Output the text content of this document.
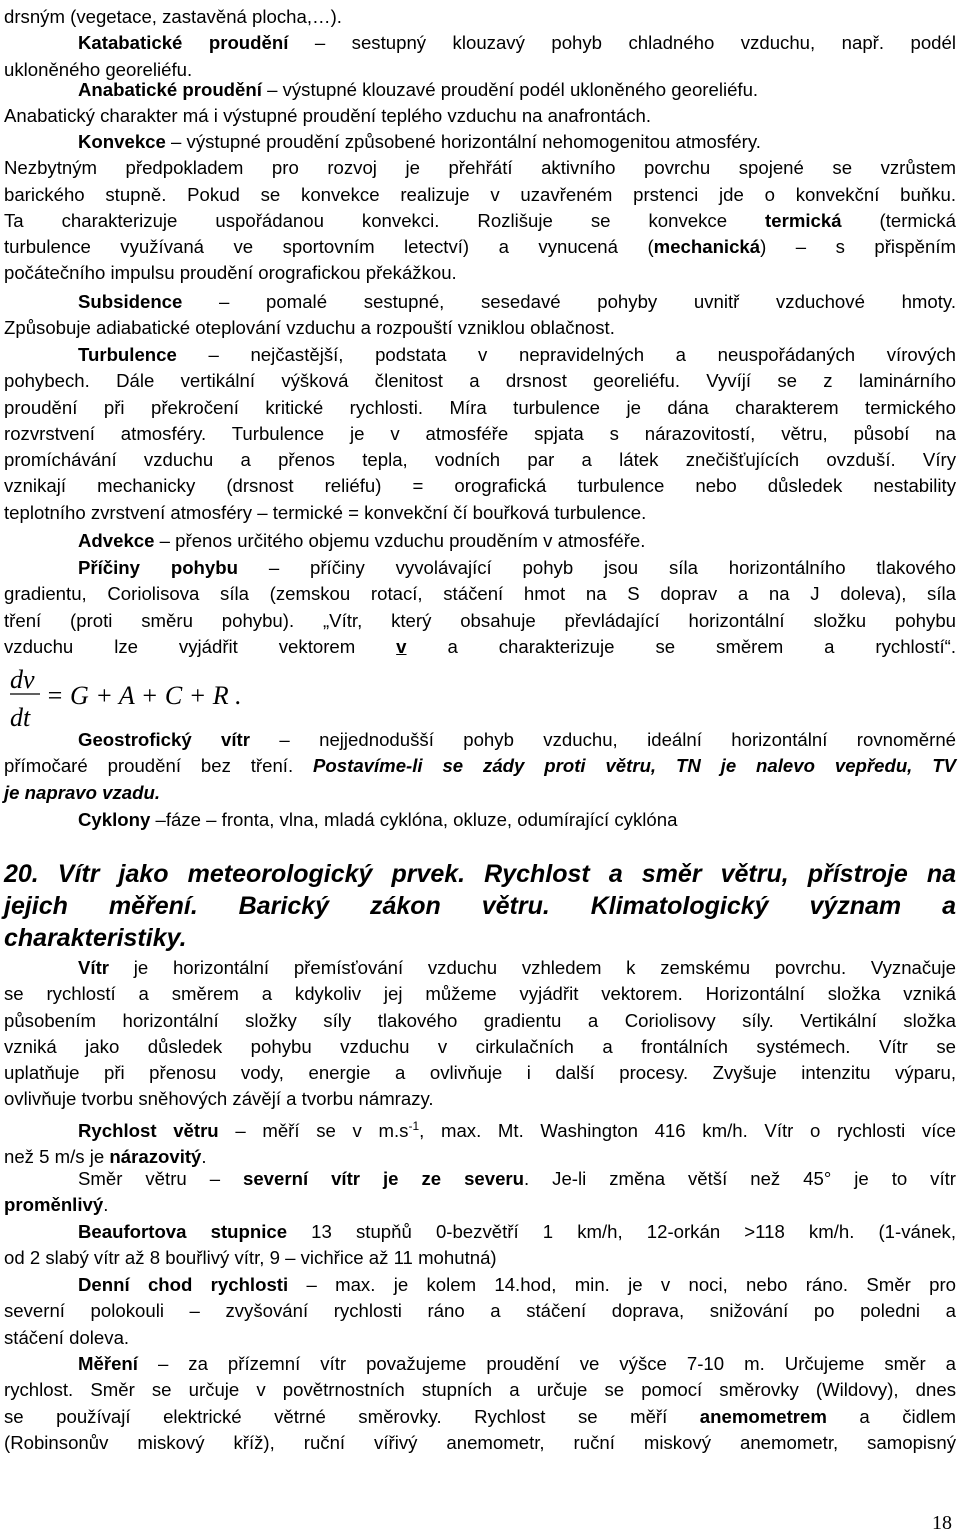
drsným (vegetace, zastavěná plocha,…).
Katabatické proudění – sestupný klouzavý pohyb chladného vzduchu, např. podél
ukloněného georeliéfu.
Anabatické proudění – výstupné klouzavé proudění podél ukloněného georeliéfu.
Anabatický charakter má i výstupné proudění teplého vzduchu na anafrontách.
Konvekce – výstupné proudění způsobené horizontální nehomogenitou atmosféry.
Nezbytným předpokladem pro rozvoj je přehřátí aktivního povrchu spojené se vzrůstem
barického stupně. Pokud se konvekce realizuje v uzavřeném prstenci jde o konvekční buňku.
Ta charakterizuje uspořádanou konvekci. Rozlišuje se konvekce termická (termická
turbulence využívaná ve sportovním letectví) a vynucená (mechanická) – s přispěním
počátečního impulsu proudění orografickou překážkou.
Subsidence – pomalé sestupné, sesedavé pohyby uvnitř vzduchové hmoty.
Způsobuje adiabatické oteplování vzduchu a rozpouští vzniklou oblačnost.
Turbulence – nejčastější, podstata v nepravidelných a neuspořádaných vírových
pohybech. Dále vertikální výšková členitost a drsnost georeliéfu. Vyvíjí se z laminárního
proudění při překročení kritické rychlosti. Míra turbulence je dána charakterem termického
rozvrstvení atmosféry. Turbulence je v atmosféře spjata s nárazovitostí, větru, působí na
promíchávání vzduchu a přenos tepla, vodních par a látek znečišťujících ovzduší. Víry
vznikají mechanicky (drsnost reliéfu) = orografická turbulence nebo důsledek nestability
teplotního zvrstvení atmosféry – termické = konvekční čí bouřková turbulence.
Advekce – přenos určitého objemu vzduchu prouděním v atmosféře.
Příčiny pohybu – příčiny vyvolávající pohyb jsou síla horizontálního tlakového
gradientu, Coriolisova síla (zemskou rotací, stáčení hmot na S doprav a na J doleva), síla
tření (proti směru pohybu). „Vítr, který obsahuje převládající horizontální složku pohybu
vzduchu lze vyjádřit vektorem v a charakterizuje se směrem a rychlostí“.
dv
dt
= G + A + C + R .
Geostrofický vítr – nejjednodušší pohyb vzduchu, ideální horizontální rovnoměrné
přímočaré proudění bez tření. Postavíme-li se zády proti větru, TN je nalevo vepředu, TV
je napravo vzadu.
Cyklony –fáze – fronta, vlna, mladá cyklóna, okluze, odumírající cyklóna
20. Vítr jako meteorologický prvek. Rychlost a směr větru, přístroje na
jejich měření. Barický zákon větru. Klimatologický význam a
charakteristiky.
Vítr je horizontální přemísťování vzduchu vzhledem k zemskému povrchu. Vyznačuje
se rychlostí a směrem a kdykoliv jej můžeme vyjádřit vektorem. Horizontální složka vzniká
působením horizontální složky síly tlakového gradientu a Coriolisovy síly. Vertikální složka
vzniká jako důsledek pohybu vzduchu v cirkulačních a frontálních systémech. Vítr se
uplatňuje při přenosu vody, energie a ovlivňuje i další procesy. Zvyšuje intenzitu výparu,
ovlivňuje tvorbu sněhových závějí a tvorbu námrazy.
Rychlost větru – měří se v $m.s^{-1}$, max. Mt. Washington 416 km/h. Vítr o rychlosti více
než 5 m/s je nárazovitý.
Směr větru – severní vítr je ze severu. Je-li změna větší než 45° je to vítr
proměnlivý.
Beaufortova stupnice 13 stupňů 0-bezvětří 1 km/h, 12-orkán >118 km/h. (1-vánek,
od 2 slabý vítr až 8 bouřlivý vítr, 9 – vichřice až 11 mohutná)
Denní chod rychlosti – max. je kolem 14.hod, min. je v noci, nebo ráno. Směr pro
severní polokouli – zvyšování rychlosti ráno a stáčení doprava, snižování po poledni a
stáčení doleva.
Měření – za přízemní vítr považujeme proudění ve výšce 7-10 m. Určujeme směr a
rychlost. Směr se určuje v povětrnostních stupních a určuje se pomocí směrovky (Wildovy), dnes
se používají elektrické větrné směrovky. Rychlost se měří anemometrem a čidlem
(Robinsonův miskový kříž), ruční vířivý anemometr, ruční miskový anemometr, samopisný
18
